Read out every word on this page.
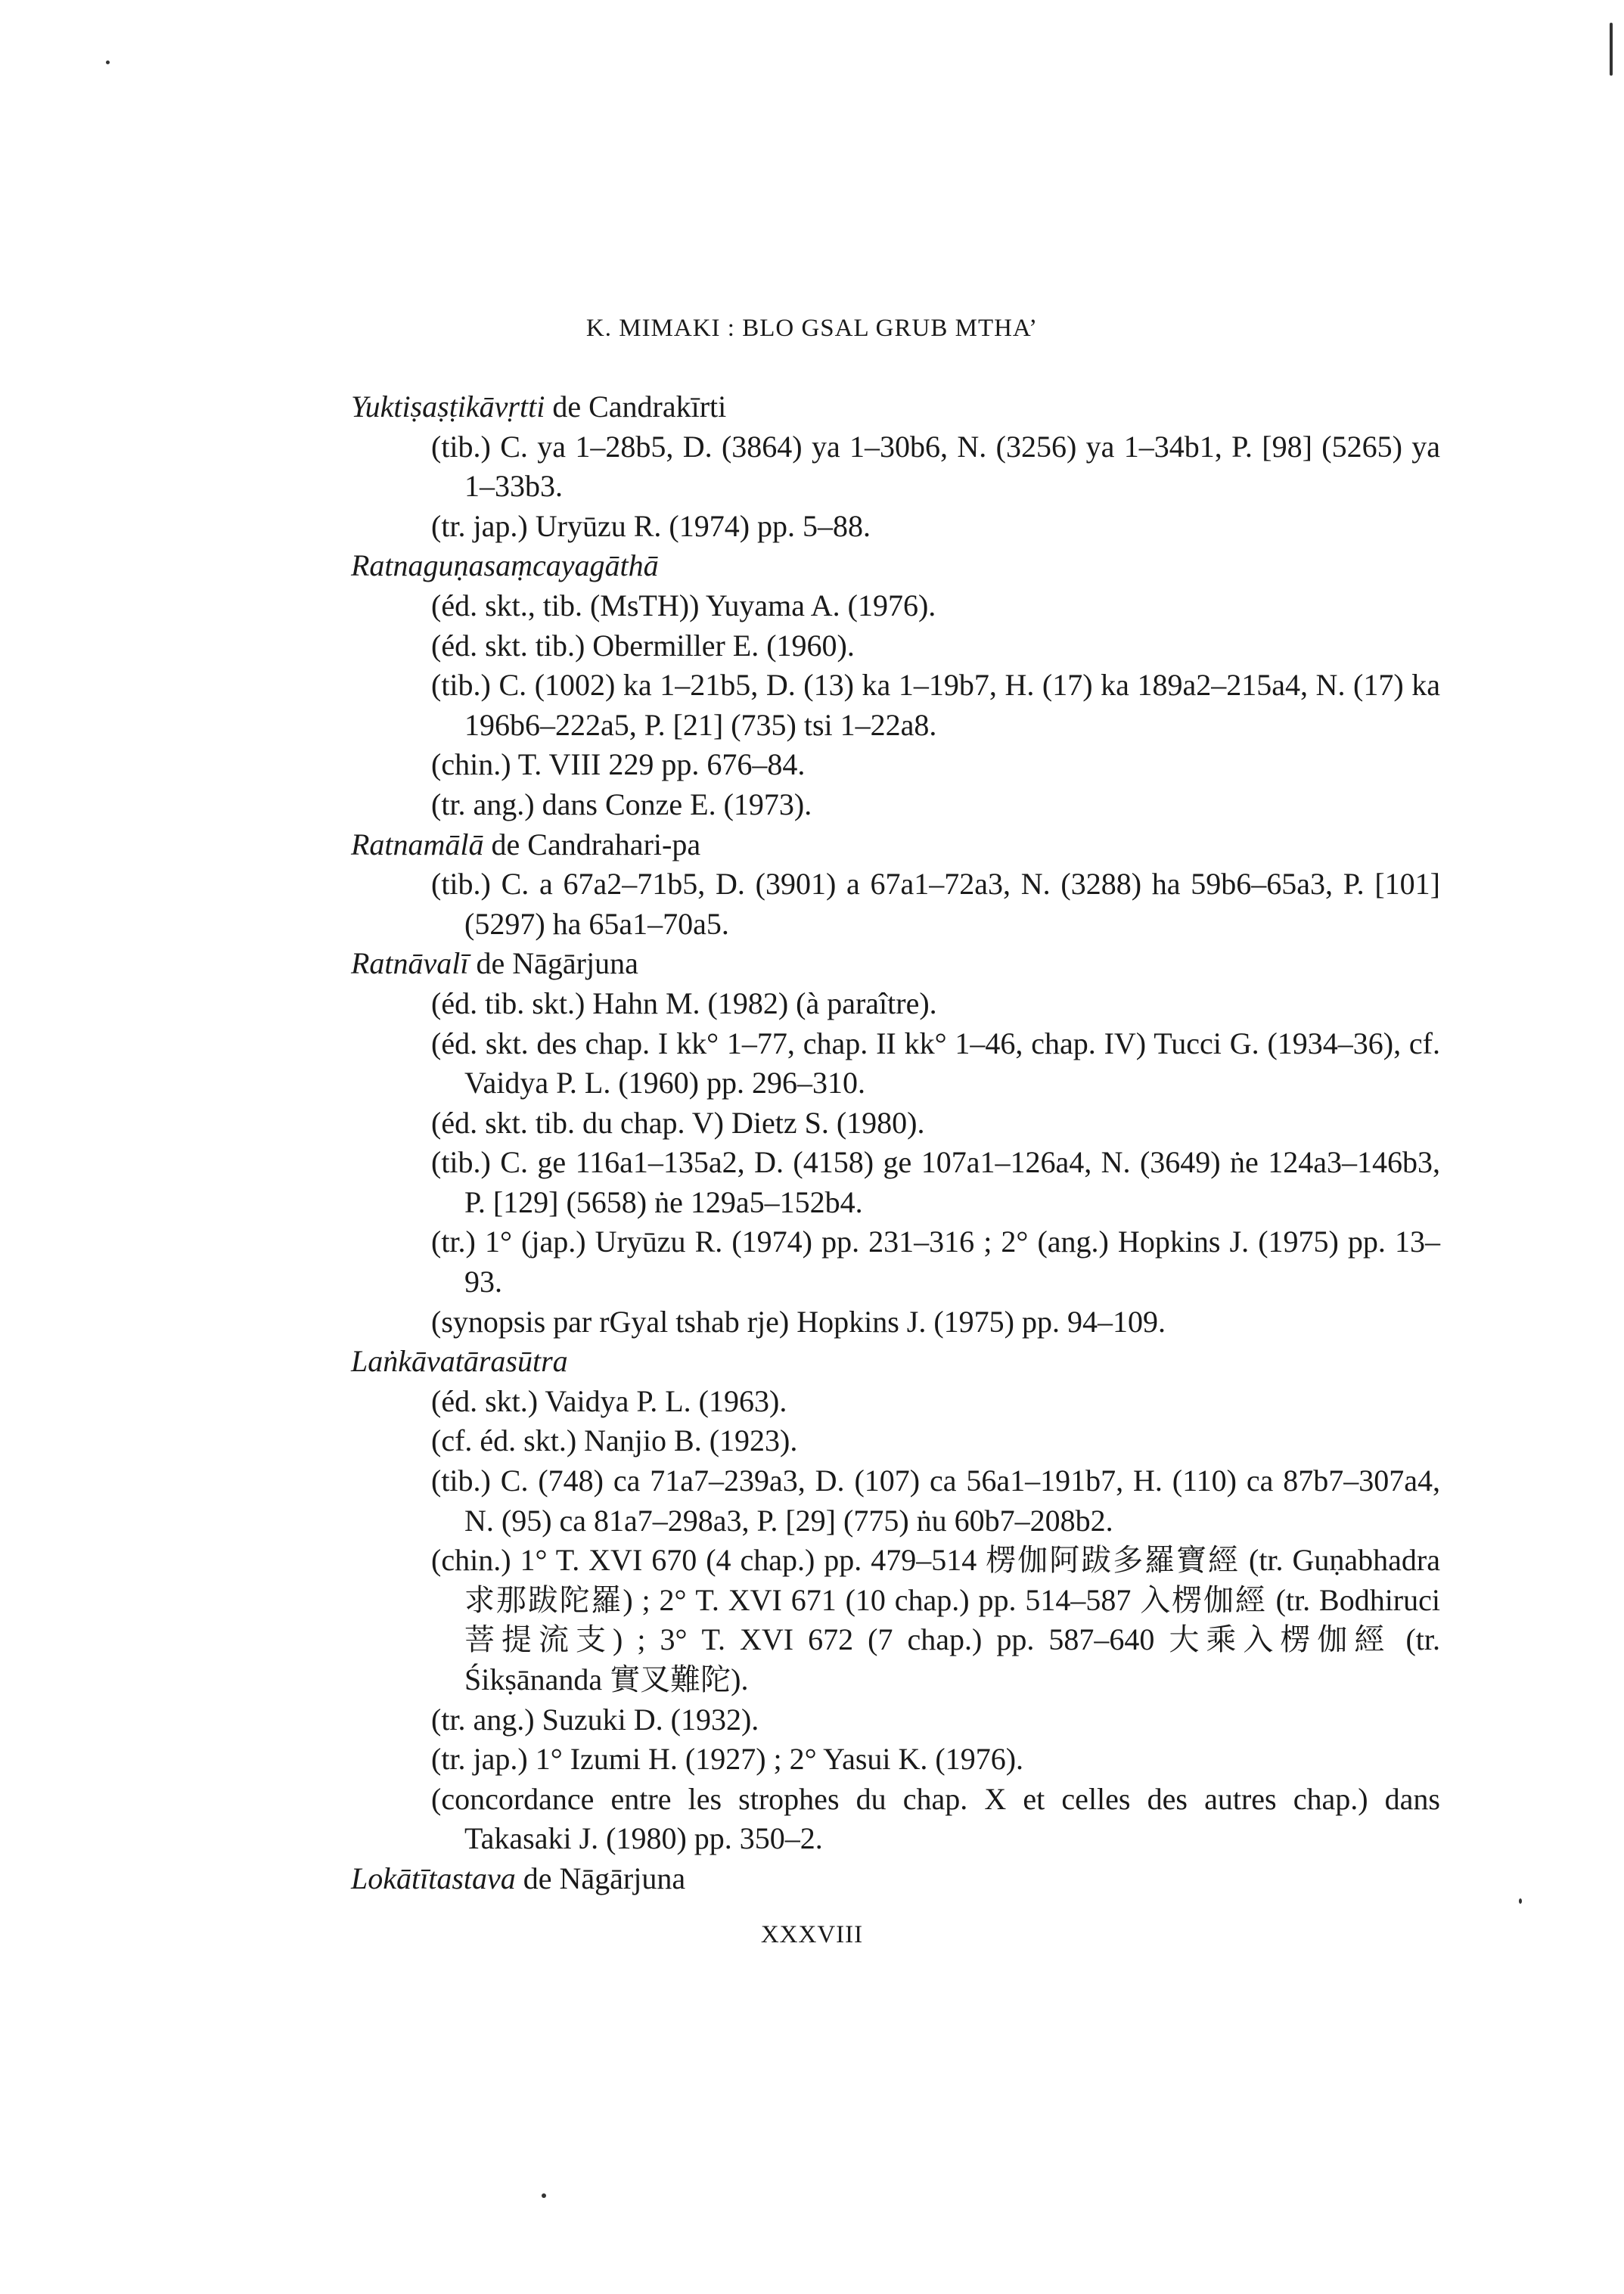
K. MIMAKI : BLO GSAL GRUB MTHA’

Yuktiṣaṣṭikāvṛtti de Candrakīrti

(tib.) C. ya 1–28b5, D. (3864) ya 1–30b6, N. (3256) ya 1–34b1, P. [98] (5265) ya 1–33b3.

(tr. jap.) Uryūzu R. (1974) pp. 5–88.

Ratnaguṇasaṃcayagāthā

(éd. skt., tib. (MsTH)) Yuyama A. (1976).

(éd. skt. tib.) Obermiller E. (1960).

(tib.) C. (1002) ka 1–21b5, D. (13) ka 1–19b7, H. (17) ka 189a2–215a4, N. (17) ka 196b6–222a5, P. [21] (735) tsi 1–22a8.

(chin.) T. VIII 229 pp. 676–84.

(tr. ang.) dans Conze E. (1973).

Ratnamālā de Candrahari-pa

(tib.) C. a 67a2–71b5, D. (3901) a 67a1–72a3, N. (3288) ha 59b6–65a3, P. [101] (5297) ha 65a1–70a5.

Ratnāvalī de Nāgārjuna

(éd. tib. skt.) Hahn M. (1982) (à paraître).

(éd. skt. des chap. I kk° 1–77, chap. II kk° 1–46, chap. IV) Tucci G. (1934–36), cf. Vaidya P. L. (1960) pp. 296–310.

(éd. skt. tib. du chap. V) Dietz S. (1980).

(tib.) C. ge 116a1–135a2, D. (4158) ge 107a1–126a4, N. (3649) ṅe 124a3–146b3, P. [129] (5658) ṅe 129a5–152b4.

(tr.) 1° (jap.) Uryūzu R. (1974) pp. 231–316 ; 2° (ang.) Hopkins J. (1975) pp. 13–93.

(synopsis par rGyal tshab rje) Hopkins J. (1975) pp. 94–109.

Laṅkāvatārasūtra

(éd. skt.) Vaidya P. L. (1963).

(cf. éd. skt.) Nanjio B. (1923).

(tib.) C. (748) ca 71a7–239a3, D. (107) ca 56a1–191b7, H. (110) ca 87b7–307a4, N. (95) ca 81a7–298a3, P. [29] (775) ṅu 60b7–208b2.

(chin.) 1° T. XVI 670 (4 chap.) pp. 479–514 楞伽阿跋多羅寶經 (tr. Guṇabhadra 求那跋陀羅) ; 2° T. XVI 671 (10 chap.) pp. 514–587 入楞伽經 (tr. Bodhiruci 菩提流支) ; 3° T. XVI 672 (7 chap.) pp. 587–640 大乘入楞伽經 (tr. Śikṣānanda 實叉難陀).

(tr. ang.) Suzuki D. (1932).

(tr. jap.) 1° Izumi H. (1927) ; 2° Yasui K. (1976).

(concordance entre les strophes du chap. X et celles des autres chap.) dans Takasaki J. (1980) pp. 350–2.

Lokātītastava de Nāgārjuna

XXXVIII
